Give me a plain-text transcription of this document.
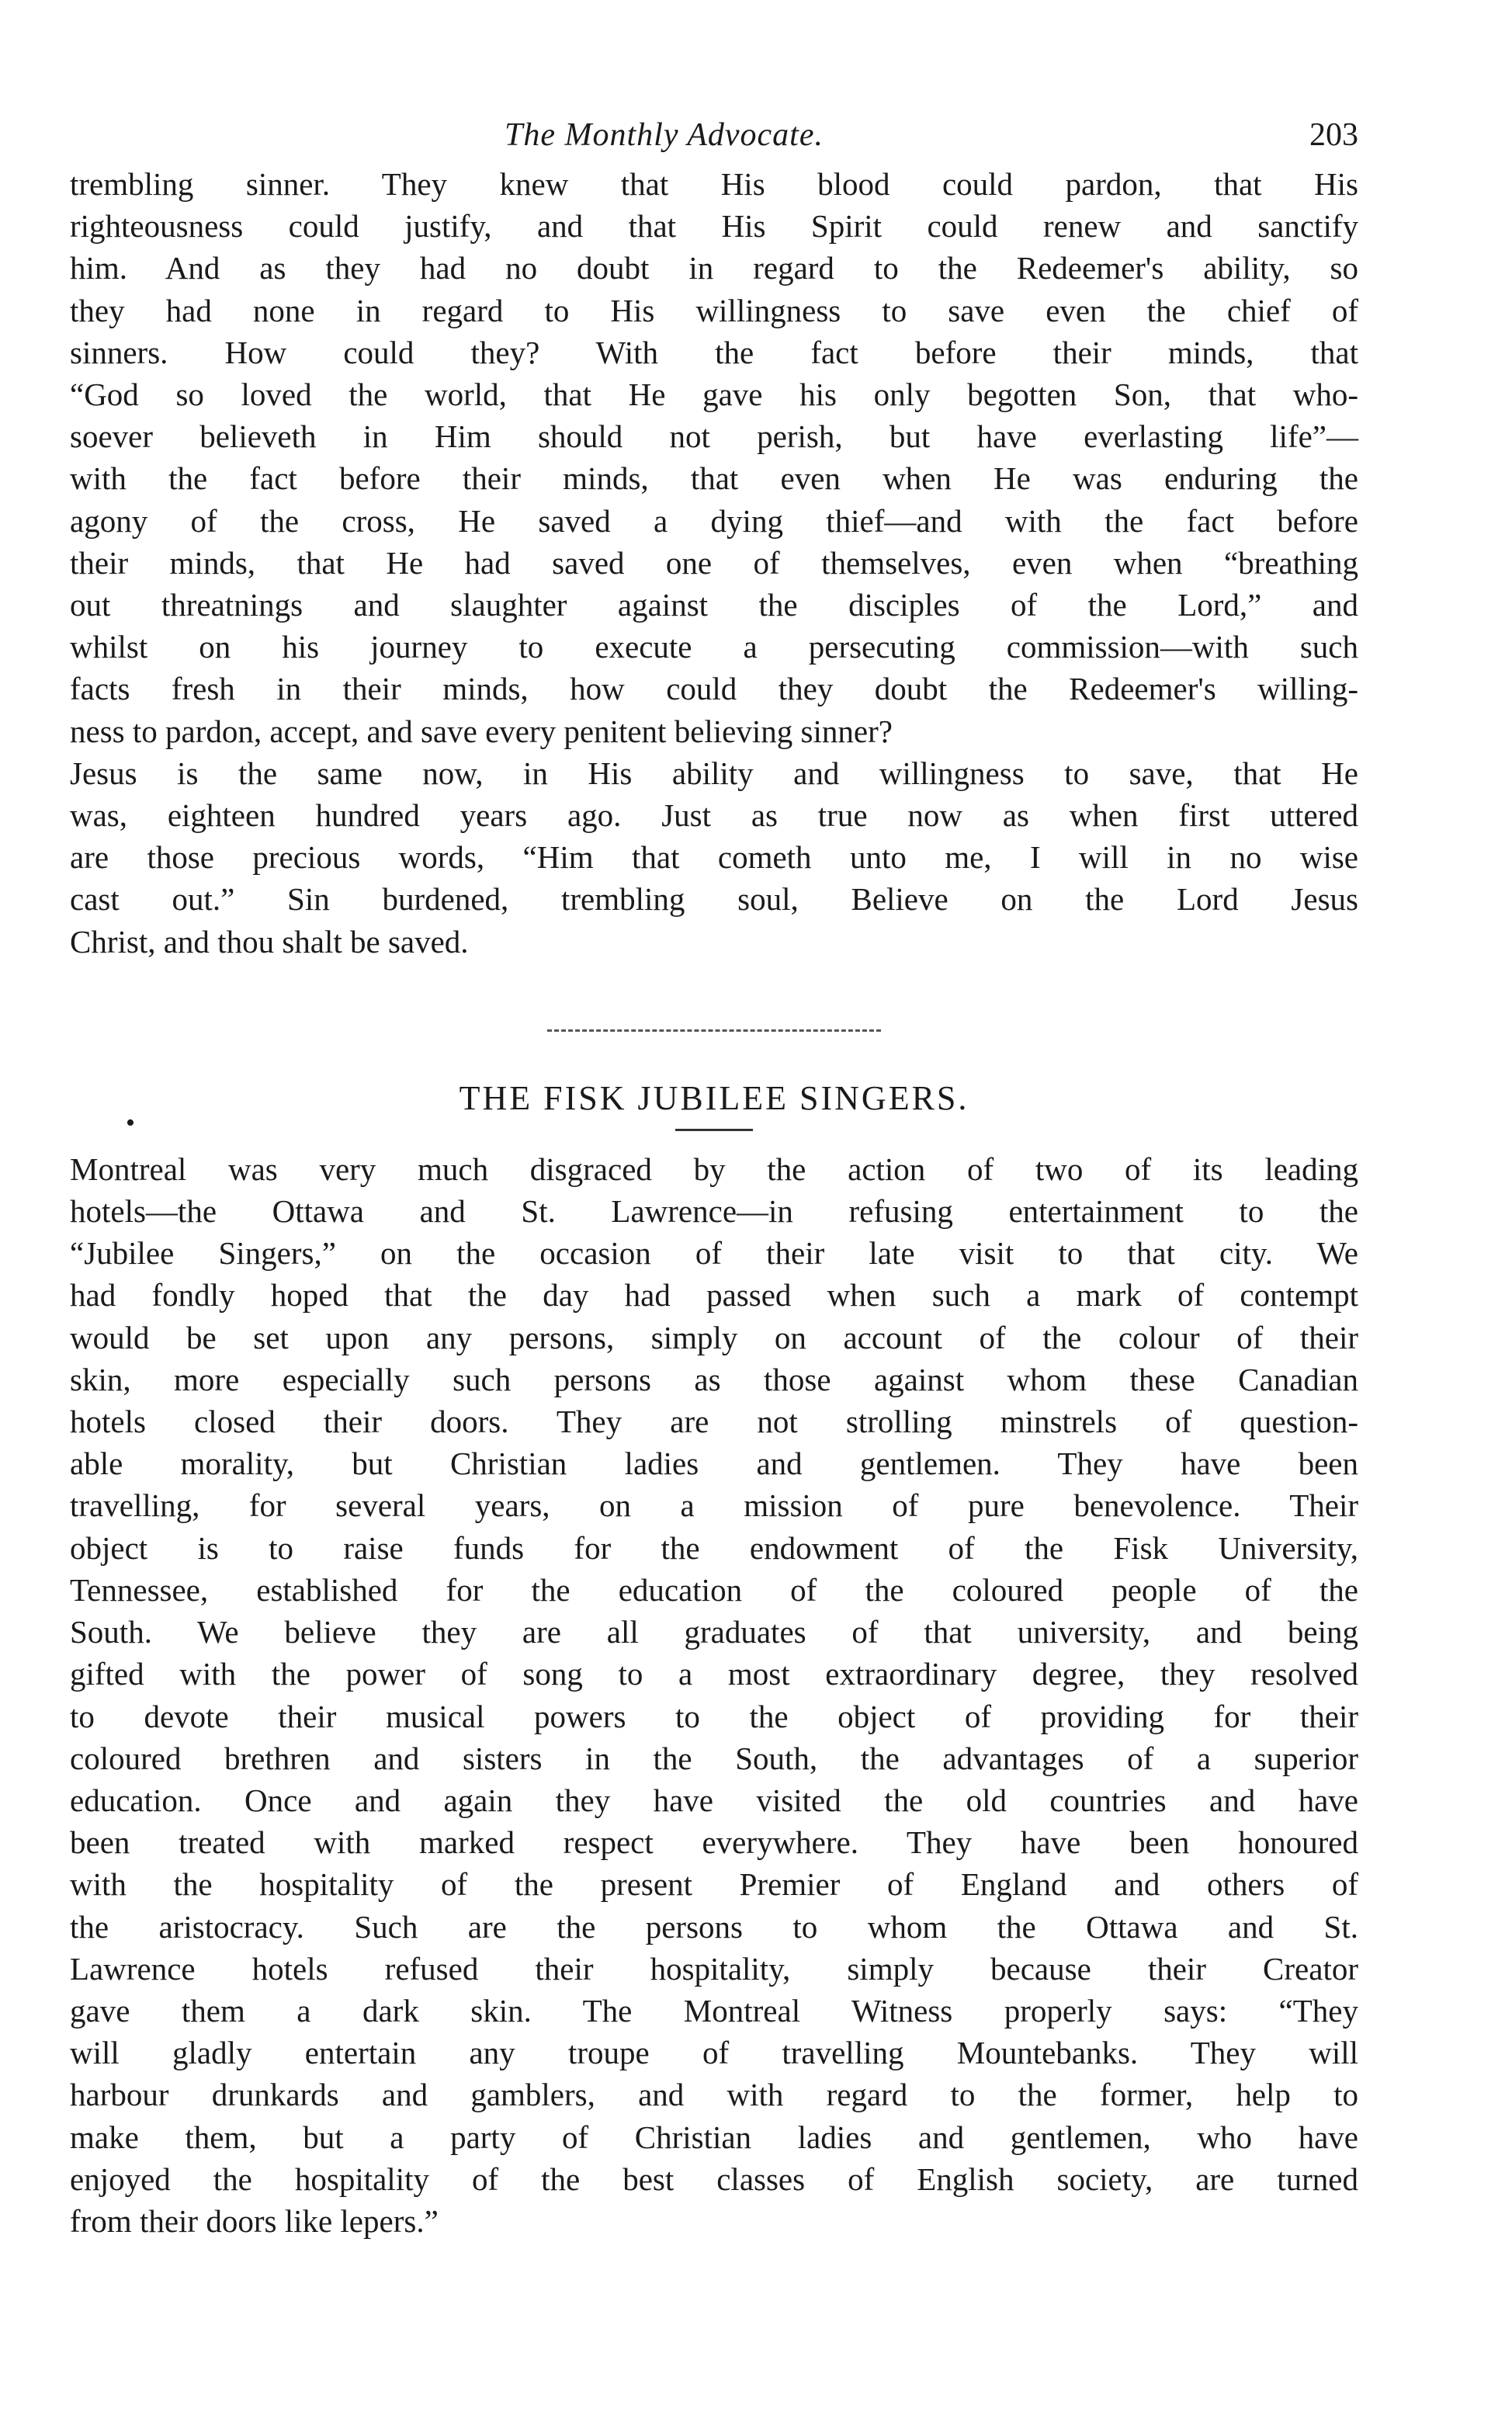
The Monthly Advocate.	203
trembling sinner. They knew that His blood could pardon, that His
righteousness could justify, and that His Spirit could renew and sanctify
him. And as they had no doubt in regard to the Redeemer's ability, so
they had none in regard to His willingness to save even the chief of
sinners. How could they? With the fact before their minds, that
“God so loved the world, that He gave his only begotten Son, that who-
soever believeth in Him should not perish, but have everlasting life”—
with the fact before their minds, that even when He was enduring the
agony of the cross, He saved a dying thief—and with the fact before
their minds, that He had saved one of themselves, even when “breathing
out threatnings and slaughter against the disciples of the Lord,” and
whilst on his journey to execute a persecuting commission—with such
facts fresh in their minds, how could they doubt the Redeemer's willing-
ness to pardon, accept, and save every penitent believing sinner?
Jesus is the same now, in His ability and willingness to save, that He
was, eighteen hundred years ago. Just as true now as when first uttered
are those precious words, “Him that cometh unto me, I will in no wise
cast out.” Sin burdened, trembling soul, Believe on the Lord Jesus
Christ, and thou shalt be saved.
THE FISK JUBILEE SINGERS.
Montreal was very much disgraced by the action of two of its leading
hotels—the Ottawa and St. Lawrence—in refusing entertainment to the
“Jubilee Singers,” on the occasion of their late visit to that city. We
had fondly hoped that the day had passed when such a mark of contempt
would be set upon any persons, simply on account of the colour of their
skin, more especially such persons as those against whom these Canadian
hotels closed their doors. They are not strolling minstrels of question-
able morality, but Christian ladies and gentlemen. They have been
travelling, for several years, on a mission of pure benevolence. Their
object is to raise funds for the endowment of the Fisk University,
Tennessee, established for the education of the coloured people of the
South. We believe they are all graduates of that university, and being
gifted with the power of song to a most extraordinary degree, they resolved
to devote their musical powers to the object of providing for their
coloured brethren and sisters in the South, the advantages of a superior
education. Once and again they have visited the old countries and have
been treated with marked respect everywhere. They have been honoured
with the hospitality of the present Premier of England and others of
the aristocracy. Such are the persons to whom the Ottawa and St.
Lawrence hotels refused their hospitality, simply because their Creator
gave them a dark skin. The Montreal Witness properly says: “They
will gladly entertain any troupe of travelling Mountebanks. They will
harbour drunkards and gamblers, and with regard to the former, help to
make them, but a party of Christian ladies and gentlemen, who have
enjoyed the hospitality of the best classes of English society, are turned
from their doors like lepers.”
•
